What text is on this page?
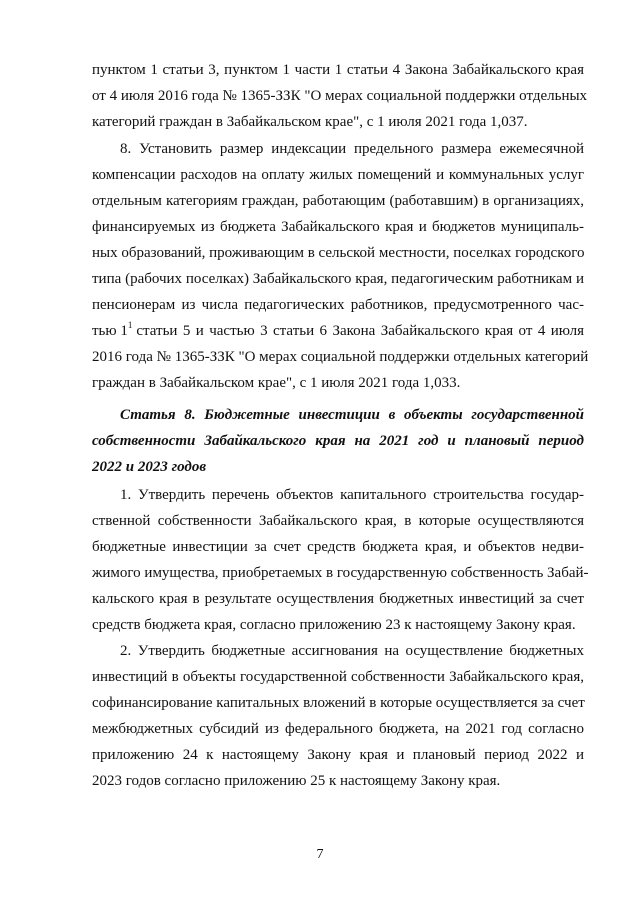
пунктом 1 статьи 3, пунктом 1 части 1 статьи 4 Закона Забайкальского края
от 4 июля 2016 года № 1365-ЗЗК "О мерах социальной поддержки отдельных
категорий граждан в Забайкальском крае", с 1 июля 2021 года 1,037.
8. Установить размер индексации предельного размера ежемесячной
компенсации расходов на оплату жилых помещений и коммунальных услуг
отдельным категориям граждан, работающим (работавшим) в организациях,
финансируемых из бюджета Забайкальского края и бюджетов муниципаль-
ных образований, проживающим в сельской местности, поселках городского
типа (рабочих поселках) Забайкальского края, педагогическим работникам и
пенсионерам из числа педагогических работников, предусмотренного час-
тью $1^1$ статьи 5 и частью 3 статьи 6 Закона Забайкальского края от 4 июля
2016 года № 1365-ЗЗК "О мерах социальной поддержки отдельных категорий
граждан в Забайкальском крае", с 1 июля 2021 года 1,033.
Статья 8. Бюджетные инвестиции в объекты государственной
собственности Забайкальского края на 2021 год и плановый период
2022 и 2023 годов
1. Утвердить перечень объектов капитального строительства государ-
ственной собственности Забайкальского края, в которые осуществляются
бюджетные инвестиции за счет средств бюджета края, и объектов недви-
жимого имущества, приобретаемых в государственную собственность Забай-
кальского края в результате осуществления бюджетных инвестиций за счет
средств бюджета края, согласно приложению 23 к настоящему Закону края.
2. Утвердить бюджетные ассигнования на осуществление бюджетных
инвестиций в объекты государственной собственности Забайкальского края,
софинансирование капитальных вложений в которые осуществляется за счет
межбюджетных субсидий из федерального бюджета, на 2021 год согласно
приложению 24 к настоящему Закону края и плановый период 2022 и
2023 годов согласно приложению 25 к настоящему Закону края.
7
